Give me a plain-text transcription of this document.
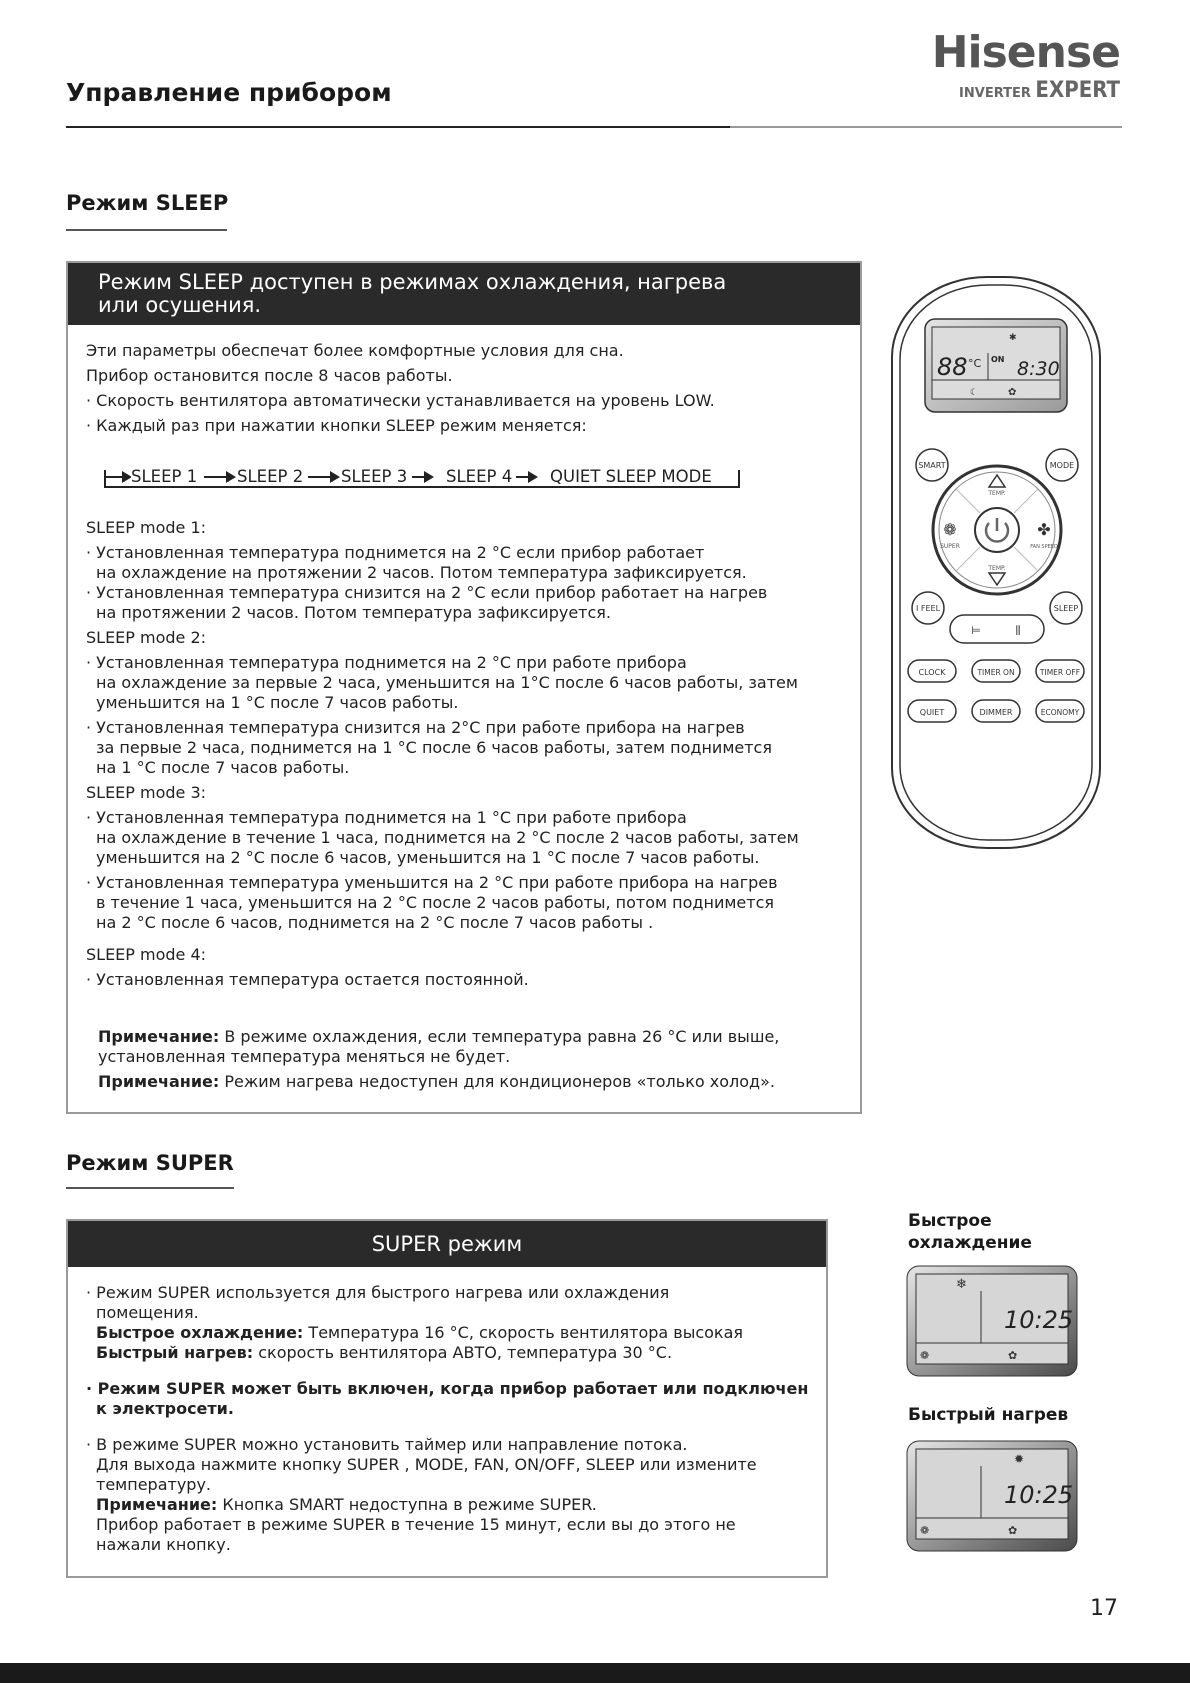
Управление прибором
Hisense
INVERTER EXPERT
Режим SLEEP
Режим SLEEP доступен в режимах охлаждения, нагрева
или осушения.

Эти параметры обеспечат более комфортные условия для сна.

Прибор остановится после 8 часов работы.

· Скорость вентилятора автоматически устанавливается на уровень LOW.

· Каждый раз при нажатии кнопки SLEEP режим меняется:

SLEEP 1 SLEEP 2 SLEEP 3 SLEEP 4 QUIET SLEEP MODE

SLEEP mode 1:

· Установленная температура поднимется на 2 °С если прибор работает

на охлаждение на протяжении 2 часов. Потом температура зафиксируется.

· Установленная температура снизится на 2 °С если прибор работает на нагрев

на протяжении 2 часов. Потом температура зафиксируется.

SLEEP mode 2:

· Установленная температура поднимется на 2 °С при работе прибора

на охлаждение за первые 2 часа, уменьшится на 1°С после 6 часов работы, затем

уменьшится на 1 °С после 7 часов работы.

· Установленная температура снизится на 2°С при работе прибора на нагрев

за первые 2 часа, поднимется на 1 °С после 6 часов работы, затем поднимется

на 1 °С после 7 часов работы.

SLEEP mode 3:

· Установленная температура поднимется на 1 °С при работе прибора

на охлаждение в течение 1 часа, поднимется на 2 °С после 2 часов работы, затем

уменьшится на 2 °С после 6 часов, уменьшится на 1 °С после 7 часов работы.

· Установленная температура уменьшится на 2 °С при работе прибора на нагрев

в течение 1 часа, уменьшится на 2 °С после 2 часов работы, потом поднимется

на 2 °С после 6 часов, поднимется на 2 °С после 7 часов работы .

SLEEP mode 4:

· Установленная температура остается постоянной.

Примечание: В режиме охлаждения, если температура равна 26 °С или выше,

установленная температура меняться не будет.

Примечание: Режим нагрева недоступен для кондиционеров «только холод».

✱
88 °C ON 8:30
☾	✿
SMART	MODE
TEMP.
TEMP.
❁
SUPER
✤
FAN SPEED
I FEEL	SLEEP
⊨	⫼
CLOCK	TIMER ON	TIMER OFF
QUIET	DIMMER	ECONOMY
Режим SUPER
SUPER режим

· Режим SUPER используется для быстрого нагрева или охлаждения

помещения.

Быстрое охлаждение: Температура 16 °С, скорость вентилятора высокая

Быстрый нагрев: скорость вентилятора АВТО, температура 30 °С.

· Режим SUPER может быть включен, когда прибор работает или подключен

к электросети.

· В режиме SUPER можно установить таймер или направление потока.

Для выхода нажмите кнопку SUPER , MODE, FAN, ON/OFF, SLEEP или измените

температуру.

Примечание: Кнопка SMART недоступна в режиме SUPER.

Прибор работает в режиме SUPER в течение 15 минут, если вы до этого не

нажали кнопку.

Быстрое
охлаждение
❄
10:25
❁	✿
Быстрый нагрев
✹
10:25
❁	✿
17
